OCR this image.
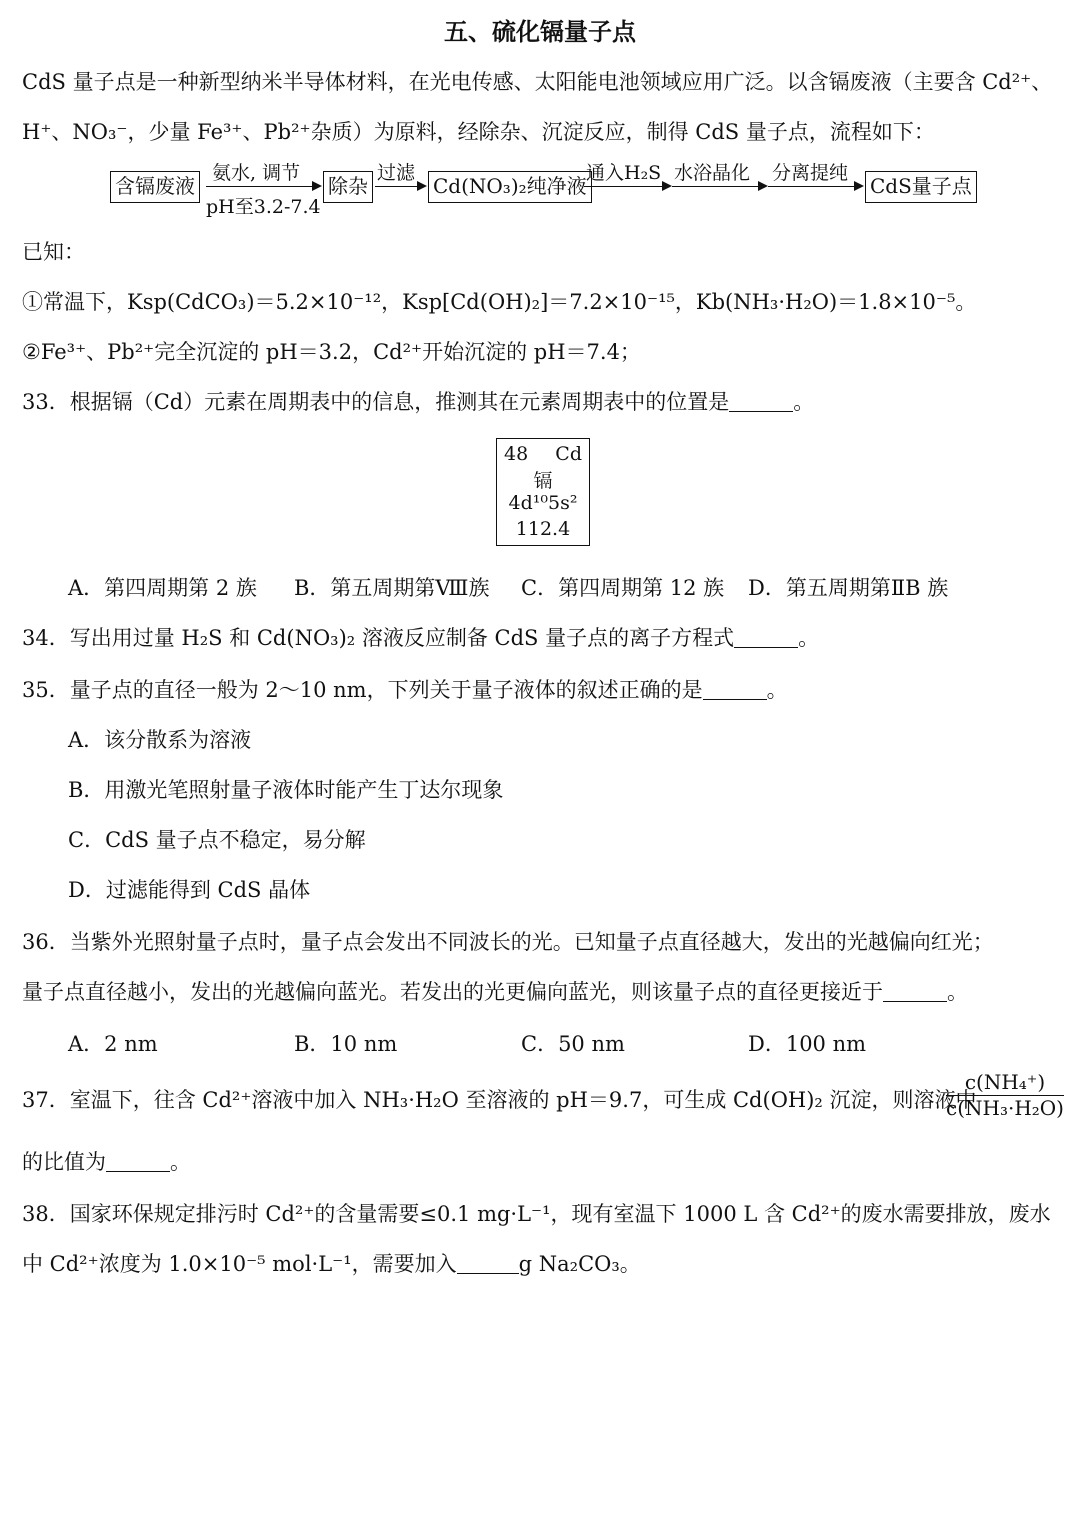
五、硫化镉量子点
CdS 量子点是一种新型纳米半导体材料，在光电传感、太阳能电池领域应用广泛。以含镉废液（主要含 Cd²⁺、
H⁺、NO₃⁻，少量 Fe³⁺、Pb²⁺杂质）为原料，经除杂、沉淀反应，制得 CdS 量子点，流程如下：
含镉废液
氨水, 调节
pH至3.2-7.4
除杂
过滤
Cd(NO₃)₂纯净液
通入H₂S 水浴晶化 分离提纯
CdS量子点
已知：
①常温下，Ksp(CdCO₃)＝5.2×10⁻¹²，Ksp[Cd(OH)₂]＝7.2×10⁻¹⁵，Kb(NH₃·H₂O)＝1.8×10⁻⁵。
②Fe³⁺、Pb²⁺完全沉淀的 pH＝3.2，Cd²⁺开始沉淀的 pH＝7.4；
33．根据镉（Cd）元素在周期表中的信息，推测其在元素周期表中的位置是	。
48 Cd
镉
4d¹⁰5s²
112.4
A．第四周期第 2 族 B．第五周期第Ⅷ族 C．第四周期第 12 族 D．第五周期第ⅡB 族
34．写出用过量 H₂S 和 Cd(NO₃)₂ 溶液反应制备 CdS 量子点的离子方程式	。
35．量子点的直径一般为 2～10 nm，下列关于量子液体的叙述正确的是	。
A．该分散系为溶液
B．用激光笔照射量子液体时能产生丁达尔现象
C．CdS 量子点不稳定，易分解
D．过滤能得到 CdS 晶体
36．当紫外光照射量子点时，量子点会发出不同波长的光。已知量子点直径越大，发出的光越偏向红光；
量子点直径越小，发出的光越偏向蓝光。若发出的光更偏向蓝光，则该量子点的直径更接近于	。
A．2 nm	B．10 nm	C．50 nm	D．100 nm
37．室温下，往含 Cd²⁺溶液中加入 NH₃·H₂O 至溶液的 pH＝9.7，可生成 Cd(OH)₂ 沉淀，则溶液中
$\frac{\text{c(NH₄⁺)}}{\text{c(NH₃·H₂O)}}$
的比值为	。
38．国家环保规定排污时 Cd²⁺的含量需要≤0.1 mg·L⁻¹，现有室温下 1000 L 含 Cd²⁺的废水需要排放，废水
中 Cd²⁺浓度为 1.0×10⁻⁵ mol·L⁻¹，需要加入	g Na₂CO₃。
